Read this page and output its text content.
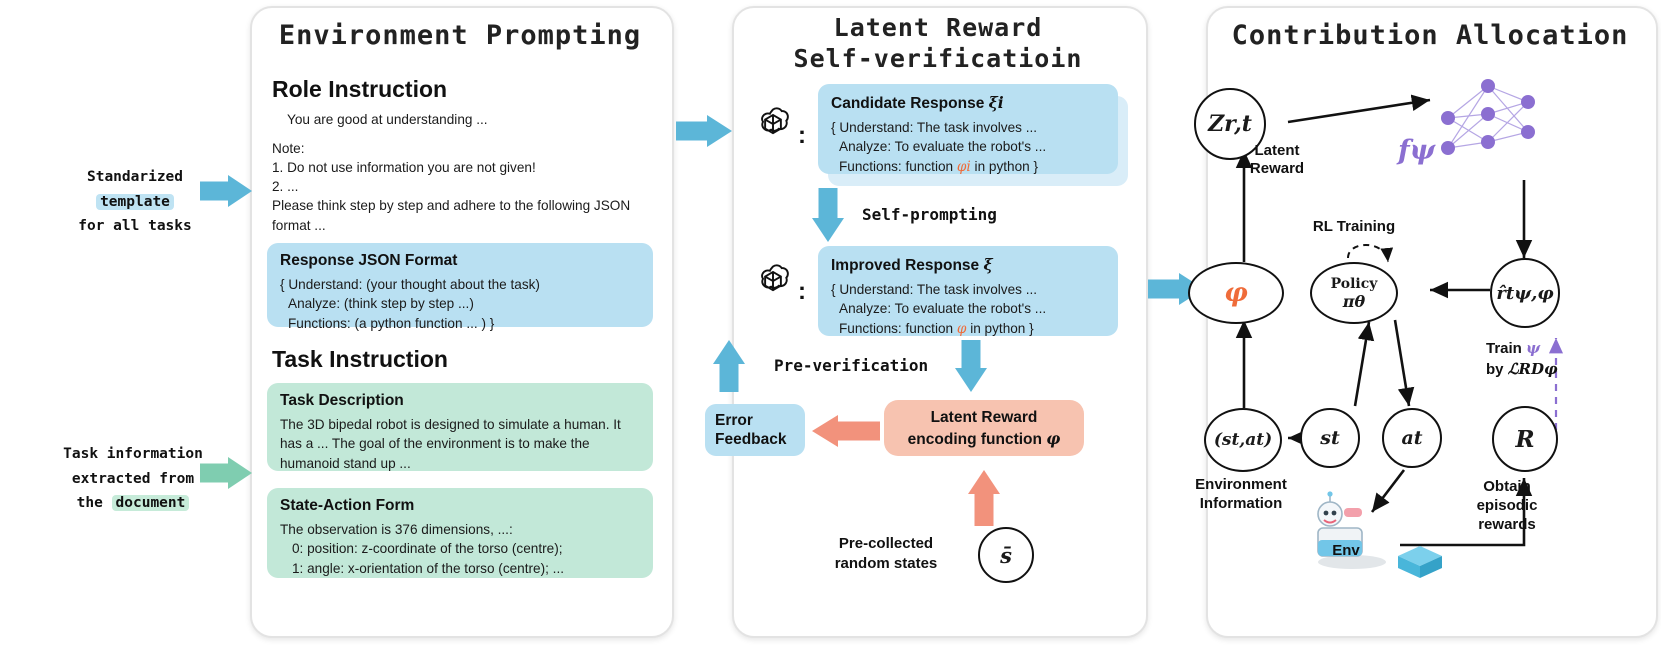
Environment Prompting	Latent Reward
Self-verificatioin
Contribution Allocation
Standarized
template
for all tasks
Task information
extracted from
the document
Role Instruction
You are good at understanding ...
Note:
1. Do not use information you are not given!
2. ...
Please think step by step and adhere to the following JSON format ...
Response JSON Format
{ Understand: (your thought about the task)
Analyze: (think step by step ...)
Functions: (a python function ... ) }
Task Instruction
Task Description
The 3D bipedal robot is designed to simulate a human. It has a ... The goal of the environment is to make the humanoid stand up ...
State-Action Form
The observation is 376 dimensions, ...:
0: position: z-coordinate of the torso (centre);
1: angle: x-orientation of the torso (centre); ...
:
Candidate Response ξi
{ Understand: The task involves ...
Analyze: To evaluate the robot's ...
Functions: function φi in python }
Self-prompting
:
Improved Response ξ
{ Understand: The task involves ...
Analyze: To evaluate the robot's ...
Functions: function φ in python }
Pre-verification
Error
Feedback
Latent Reward
encoding function φ
Pre-collected
random states	s̄
Zr,t
Latent
Reward
fψ
RL Training
φ	Policy
πθ	r̂tψ,φ
Train ψ
by ℒRDφ
(st,at)	st	at	R
Environment
Information
Obtain
episodic
rewards
Env
